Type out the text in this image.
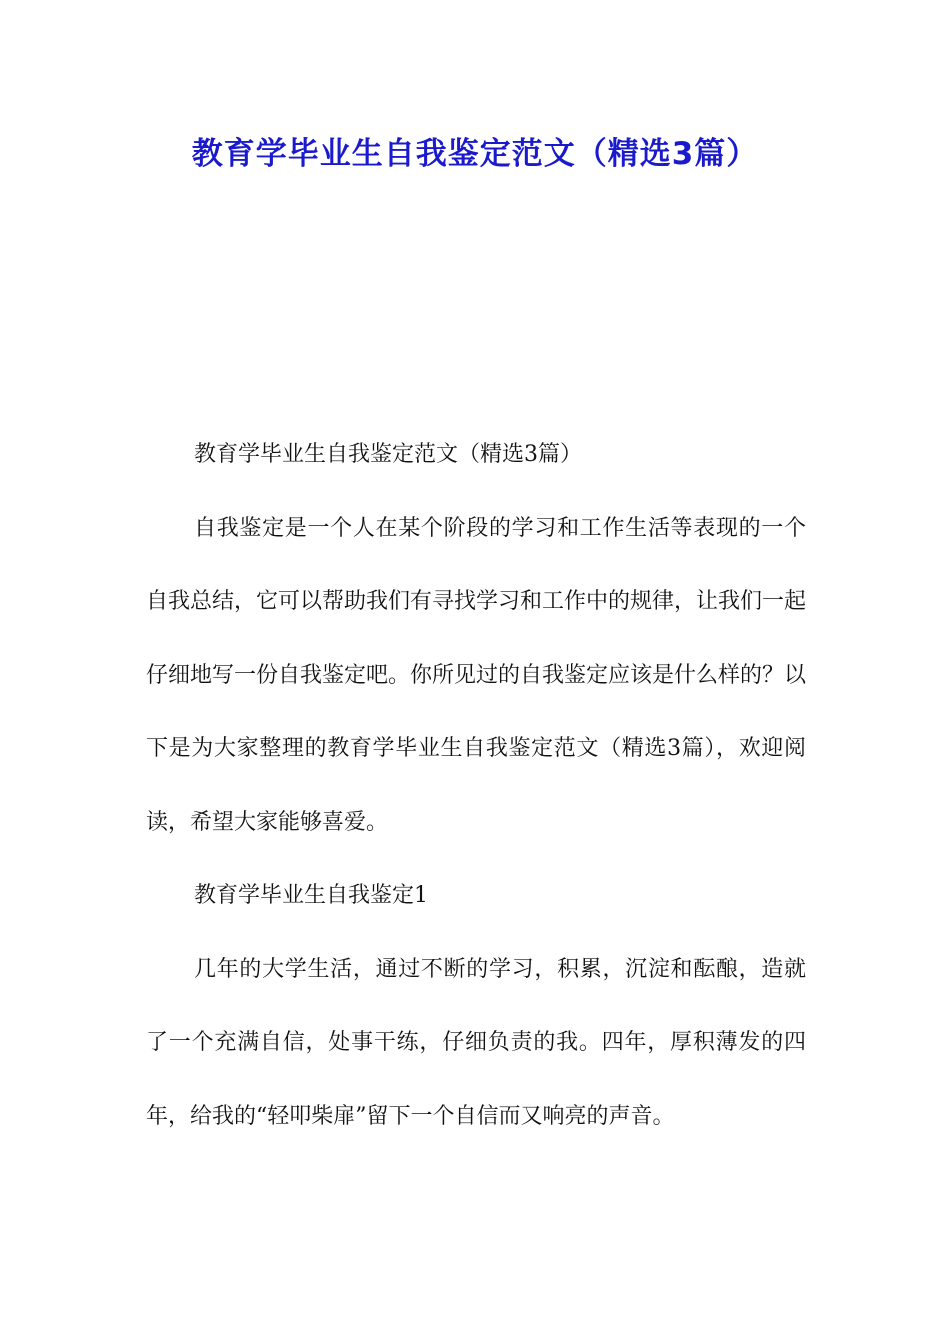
教育学毕业生自我鉴定范文（精选3篇）

教育学毕业生自我鉴定范文（精选3篇）

自我鉴定是一个人在某个阶段的学习和工作生活等表现的一个自我总结，它可以帮助我们有寻找学习和工作中的规律，让我们一起仔细地写一份自我鉴定吧。你所见过的自我鉴定应该是什么样的？以下是为大家整理的教育学毕业生自我鉴定范文（精选3篇），欢迎阅读，希望大家能够喜爱。

教育学毕业生自我鉴定1

几年的大学生活，通过不断的学习，积累，沉淀和酝酿，造就了一个充满自信，处事干练，仔细负责的我。四年，厚积薄发的四年，给我的“轻叩柴扉”留下一个自信而又响亮的声音。
